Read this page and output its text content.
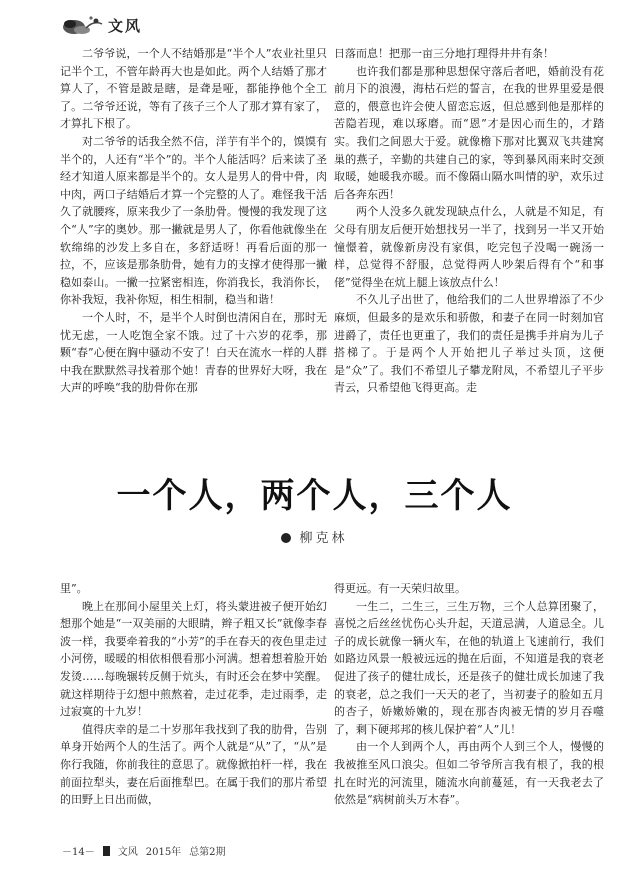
文风

二爷爷说，一个人不结婚那是“半个人”农业社里只记半个工，不管年龄再大也是如此。两个人结婚了那才算人了，不管是跛是瞎，是聋是哑，都能挣他个全工了。二爷爷还说，等有了孩子三个人了那才算有家了，才算扎下根了。

对二爷爷的话我全然不信，洋芋有半个的，馍馍有半个的，人还有“半个”的。半个人能活吗？后来读了圣经才知道人原来都是半个的。女人是男人的骨中骨，肉中肉，两口子结婚后才算一个完整的人了。难怪我干活久了就腰疼，原来我少了一条肋骨。慢慢的我发现了这个“人”字的奥妙。那一撇就是男人了，你看他就像坐在软绵绵的沙发上多自在，多舒适呀！再看后面的那一拉，不，应该是那条肋骨，她有力的支撑才使得那一撇稳如泰山。一撇一拉紧密相连，你消我长，我消你长，你补我短，我补你短，相生相制，稳当和谐！

一个人时，不，是半个人时倒也清闲自在，那时无忧无虑，一人吃饱全家不饿。过了十六岁的花季，那颗“春”心便在胸中骚动不安了！白天在流水一样的人群中我在默默然寻找着那个她！青春的世界好大呀，我在大声的呼唤“我的肋骨你在那

日落而息！把那一亩三分地打理得井井有条！

也许我们都是那种思想保守落后者吧，婚前没有花前月下的浪漫，海枯石烂的誓言，在我的世界里爱是偎意的，偎意也许会使人留恋忘返，但总感到他是那样的苦隐若现，难以琢磨。而“恩”才是因心而生的，才踏实。我们之间恩大于爱。就像檐下那对比翼双飞共建窝巢的燕子，辛勤的共建自己的家，等到暴风雨来时交颈取暖，她暖我亦暖。而不像隔山隔水叫情的驴，欢乐过后各奔东西！

两个人没多久就发现缺点什么，人就是不知足，有父母有朋友后便开始想找另一半了，找到另一半又开始憧憬着，就像新房没有家俱，吃完包子没喝一碗汤一样，总觉得不舒服，总觉得两人吵架后得有个“和事佬”觉得坐在炕上腿上该放点什么！

不久儿子出世了，他给我们的二人世界增添了不少麻烦，但最多的是欢乐和骄傲，和妻子在同一时刻加官进爵了，责任也更重了，我们的责任是携手并肩为儿子搭梯了。于是两个人开始把儿子举过头顶，这便是“众”了。我们不希望儿子攀龙附凤，不希望儿子平步青云，只希望他飞得更高。走

一个人，两个人，三个人
柳克林

里”。

晚上在那间小屋里关上灯，将头蒙进被子便开始幻想那个她是“一双美丽的大眼睛，辫子粗又长”就像李春波一样，我要牵着我的“小芳”的手在春天的夜色里走过小河傍，暖暖的相依相偎看那小河满。想着想着脸开始发烫……每晚辗转反侧于炕头，有时还会在梦中笑醒。就这样期待于幻想中煎熬着，走过花季，走过雨季，走过寂寞的十九岁！

值得庆幸的是二十岁那年我找到了我的肋骨，告别单身开始两个人的生活了。两个人就是“从”了，“从”是你行我随，你前我往的意思了。就像掀拍杆一样，我在前面拉犁头，妻在后面推犁巴。在属于我们的那片希望的田野上日出而做，

得更远。有一天荣归故里。

一生二，二生三，三生万物，三个人总算团聚了，喜悦之后丝丝忧伤心头升起，天道忌满，人道忌全。儿子的成长就像一辆火车，在他的轨道上飞速前行，我们如路边风景一般被远远的抛在后面，不知道是我的衰老促进了孩子的健壮成长，还是孩子的健壮成长加速了我的衰老，总之我们一天天的老了，当初妻子的脸如五月的杏子，娇嫩娇嫩的，现在那杏肉被无情的岁月吞噬了，剩下硬邦邦的核儿保护着“人”儿！

由一个人到两个人，再由两个人到三个人，慢慢的我被推至风口浪尖。但如二爷爷所言我有根了，我的根扎在时光的河流里，随流水向前蔓延，有一天我老去了依然是“病树前头万木春”。

－14－ 文风 2015年 总第2期
